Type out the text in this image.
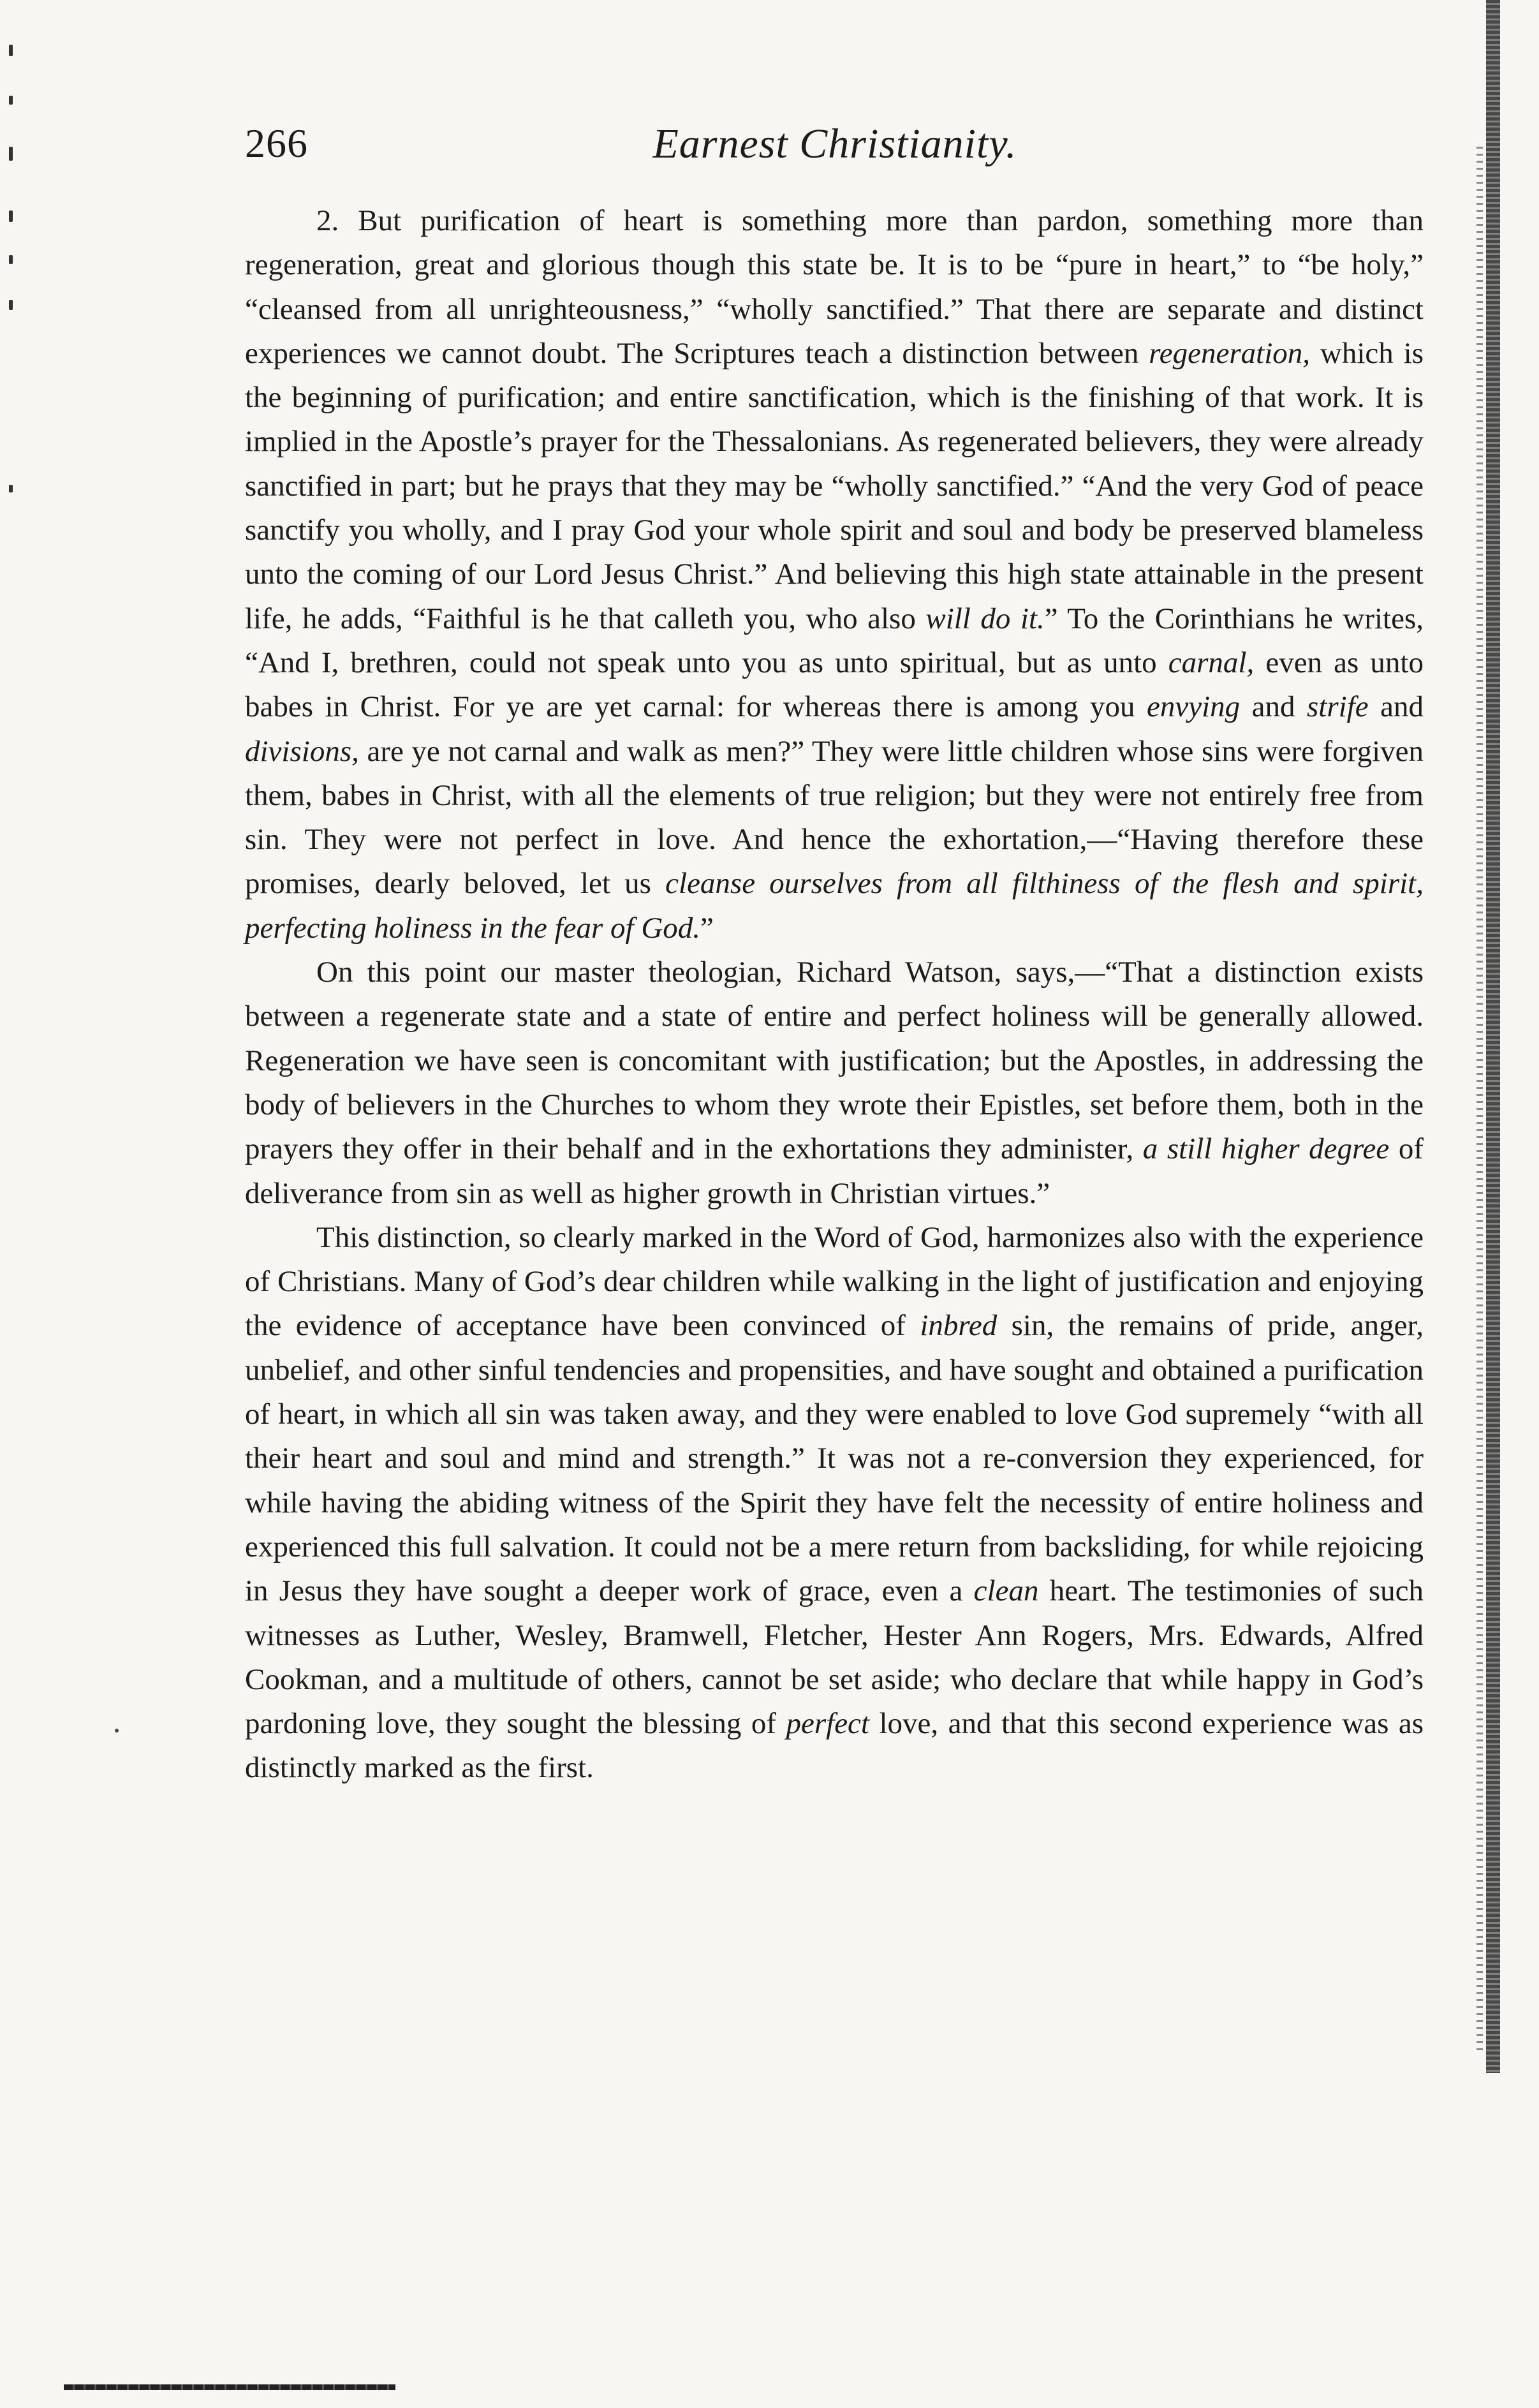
266	Earnest Christianity.

2. But purification of heart is something more than pardon, something more than regeneration, great and glorious though this state be. It is to be “pure in heart,” to “be holy,” “cleansed from all unrighteousness,” “wholly sanctified.” That there are separate and distinct experiences we cannot doubt. The Scriptures teach a distinction between regeneration, which is the beginning of purification; and entire sanctification, which is the finishing of that work. It is implied in the Apostle’s prayer for the Thessalonians. As regenerated believers, they were already sanctified in part; but he prays that they may be “wholly sanctified.” “And the very God of peace sanctify you wholly, and I pray God your whole spirit and soul and body be preserved blameless unto the coming of our Lord Jesus Christ.” And believing this high state attainable in the present life, he adds, “Faithful is he that calleth you, who also will do it.” To the Corinthians he writes, “And I, brethren, could not speak unto you as unto spiritual, but as unto carnal, even as unto babes in Christ. For ye are yet carnal: for whereas there is among you envying and strife and divisions, are ye not carnal and walk as men?” They were little children whose sins were forgiven them, babes in Christ, with all the elements of true religion; but they were not entirely free from sin. They were not perfect in love. And hence the exhortation,—“Having therefore these promises, dearly beloved, let us cleanse ourselves from all filthiness of the flesh and spirit, perfecting holiness in the fear of God.”

On this point our master theologian, Richard Watson, says,—“That a distinction exists between a regenerate state and a state of entire and perfect holiness will be generally allowed. Regeneration we have seen is concomitant with justification; but the Apostles, in addressing the body of believers in the Churches to whom they wrote their Epistles, set before them, both in the prayers they offer in their behalf and in the exhortations they administer, a still higher degree of deliverance from sin as well as higher growth in Christian virtues.”

This distinction, so clearly marked in the Word of God, harmonizes also with the experience of Christians. Many of God’s dear children while walking in the light of justification and enjoying the evidence of acceptance have been convinced of inbred sin, the remains of pride, anger, unbelief, and other sinful tendencies and propensities, and have sought and obtained a purification of heart, in which all sin was taken away, and they were enabled to love God supremely “with all their heart and soul and mind and strength.” It was not a re-conversion they experienced, for while having the abiding witness of the Spirit they have felt the necessity of entire holiness and experienced this full salvation. It could not be a mere return from backsliding, for while rejoicing in Jesus they have sought a deeper work of grace, even a clean heart. The testimonies of such witnesses as Luther, Wesley, Bramwell, Fletcher, Hester Ann Rogers, Mrs. Edwards, Alfred Cookman, and a multitude of others, cannot be set aside; who declare that while happy in God’s pardoning love, they sought the blessing of perfect love, and that this second experience was as distinctly marked as the first.
